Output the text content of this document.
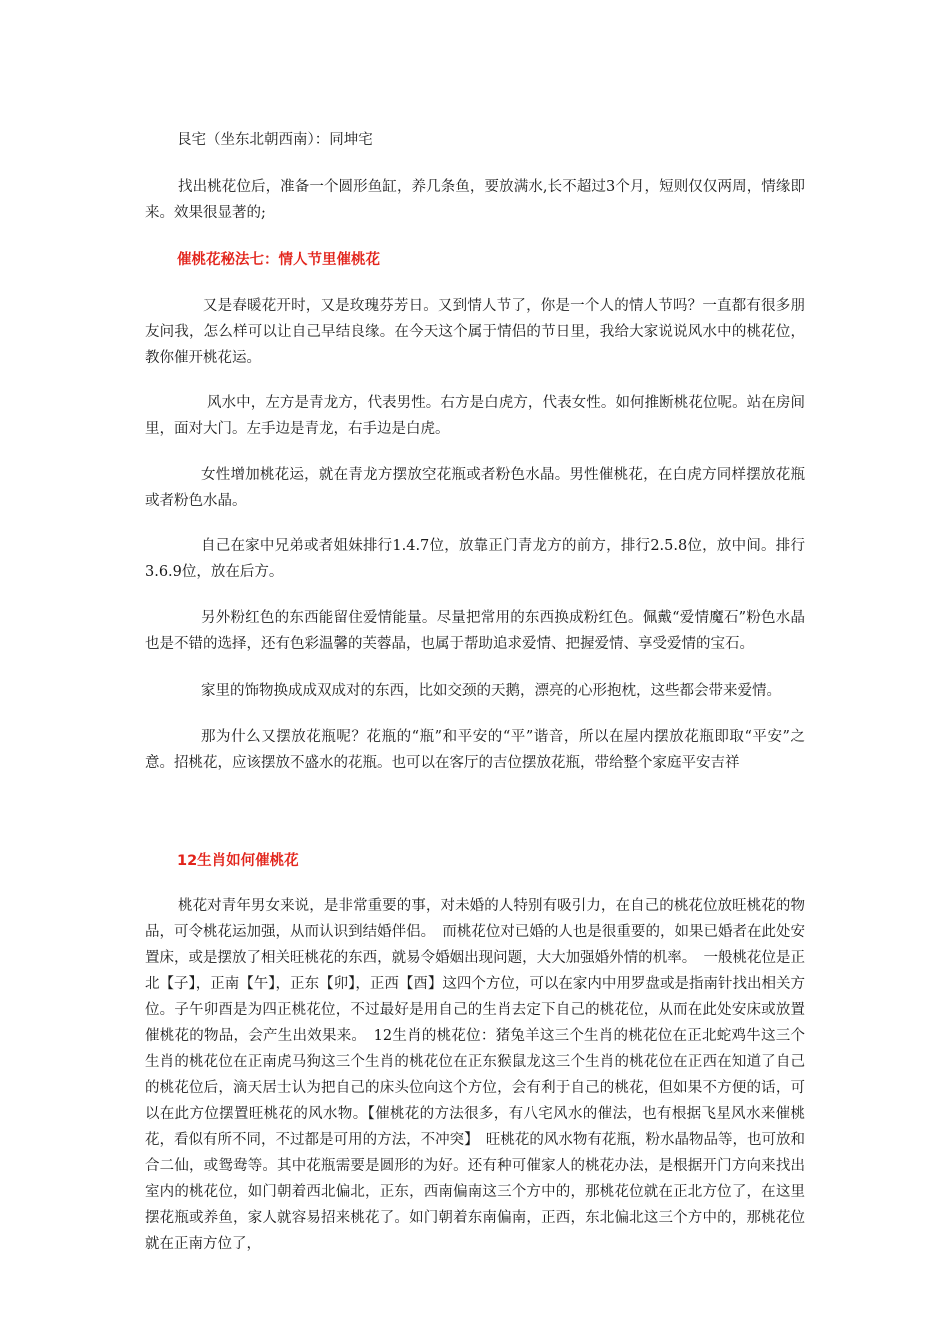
艮宅（坐东北朝西南）：同坤宅

找出桃花位后，准备一个圆形鱼缸，养几条鱼，要放满水,长不超过3个月，短则仅仅两周，情缘即来。效果很显著的;

催桃花秘法七：情人节里催桃花

又是春暖花开时，又是玫瑰芬芳日。又到情人节了，你是一个人的情人节吗？一直都有很多朋友问我，怎么样可以让自己早结良缘。在今天这个属于情侣的节日里，我给大家说说风水中的桃花位，教你催开桃花运。

风水中，左方是青龙方，代表男性。右方是白虎方，代表女性。如何推断桃花位呢。站在房间里，面对大门。左手边是青龙，右手边是白虎。

女性增加桃花运，就在青龙方摆放空花瓶或者粉色水晶。男性催桃花，在白虎方同样摆放花瓶或者粉色水晶。

自己在家中兄弟或者姐妹排行1.4.7位，放靠正门青龙方的前方，排行2.5.8位，放中间。排行3.6.9位，放在后方。

另外粉红色的东西能留住爱情能量。尽量把常用的东西换成粉红色。佩戴“爱情魔石”粉色水晶也是不错的选择，还有色彩温馨的芙蓉晶，也属于帮助追求爱情、把握爱情、享受爱情的宝石。

家里的饰物换成成双成对的东西，比如交颈的天鹅，漂亮的心形抱枕，这些都会带来爱情。

那为什么又摆放花瓶呢？花瓶的“瓶”和平安的“平”谐音，所以在屋内摆放花瓶即取“平安”之意。招桃花，应该摆放不盛水的花瓶。也可以在客厅的吉位摆放花瓶，带给整个家庭平安吉祥

12生肖如何催桃花

桃花对青年男女来说，是非常重要的事，对未婚的人特别有吸引力，在自己的桃花位放旺桃花的物品，可令桃花运加强，从而认识到结婚伴侣。　而桃花位对已婚的人也是很重要的，如果已婚者在此处安置床，或是摆放了相关旺桃花的东西，就易令婚姻出现问题，大大加强婚外情的机率。　一般桃花位是正北【子】，正南【午】，正东【卯】，正西【酉】这四个方位，可以在家内中用罗盘或是指南针找出相关方位。子午卯酉是为四正桃花位，不过最好是用自己的生肖去定下自己的桃花位，从而在此处安床或放置催桃花的物品，会产生出效果来。　12生肖的桃花位：猪兔羊这三个生肖的桃花位在正北蛇鸡牛这三个生肖的桃花位在正南虎马狗这三个生肖的桃花位在正东猴鼠龙这三个生肖的桃花位在正西在知道了自己的桃花位后，滴天居士认为把自己的床头位向这个方位，会有利于自己的桃花，但如果不方便的话，可以在此方位摆置旺桃花的风水物。【催桃花的方法很多，有八宅风水的催法，也有根据飞星风水来催桃花，看似有所不同，不过都是可用的方法，不冲突】　旺桃花的风水物有花瓶，粉水晶物品等，也可放和合二仙，或鸳鸯等。其中花瓶需要是圆形的为好。还有种可催家人的桃花办法，是根据开门方向来找出室内的桃花位，如门朝着西北偏北，正东，西南偏南这三个方中的，那桃花位就在正北方位了，在这里摆花瓶或养鱼，家人就容易招来桃花了。如门朝着东南偏南，正西，东北偏北这三个方中的，那桃花位就在正南方位了，
